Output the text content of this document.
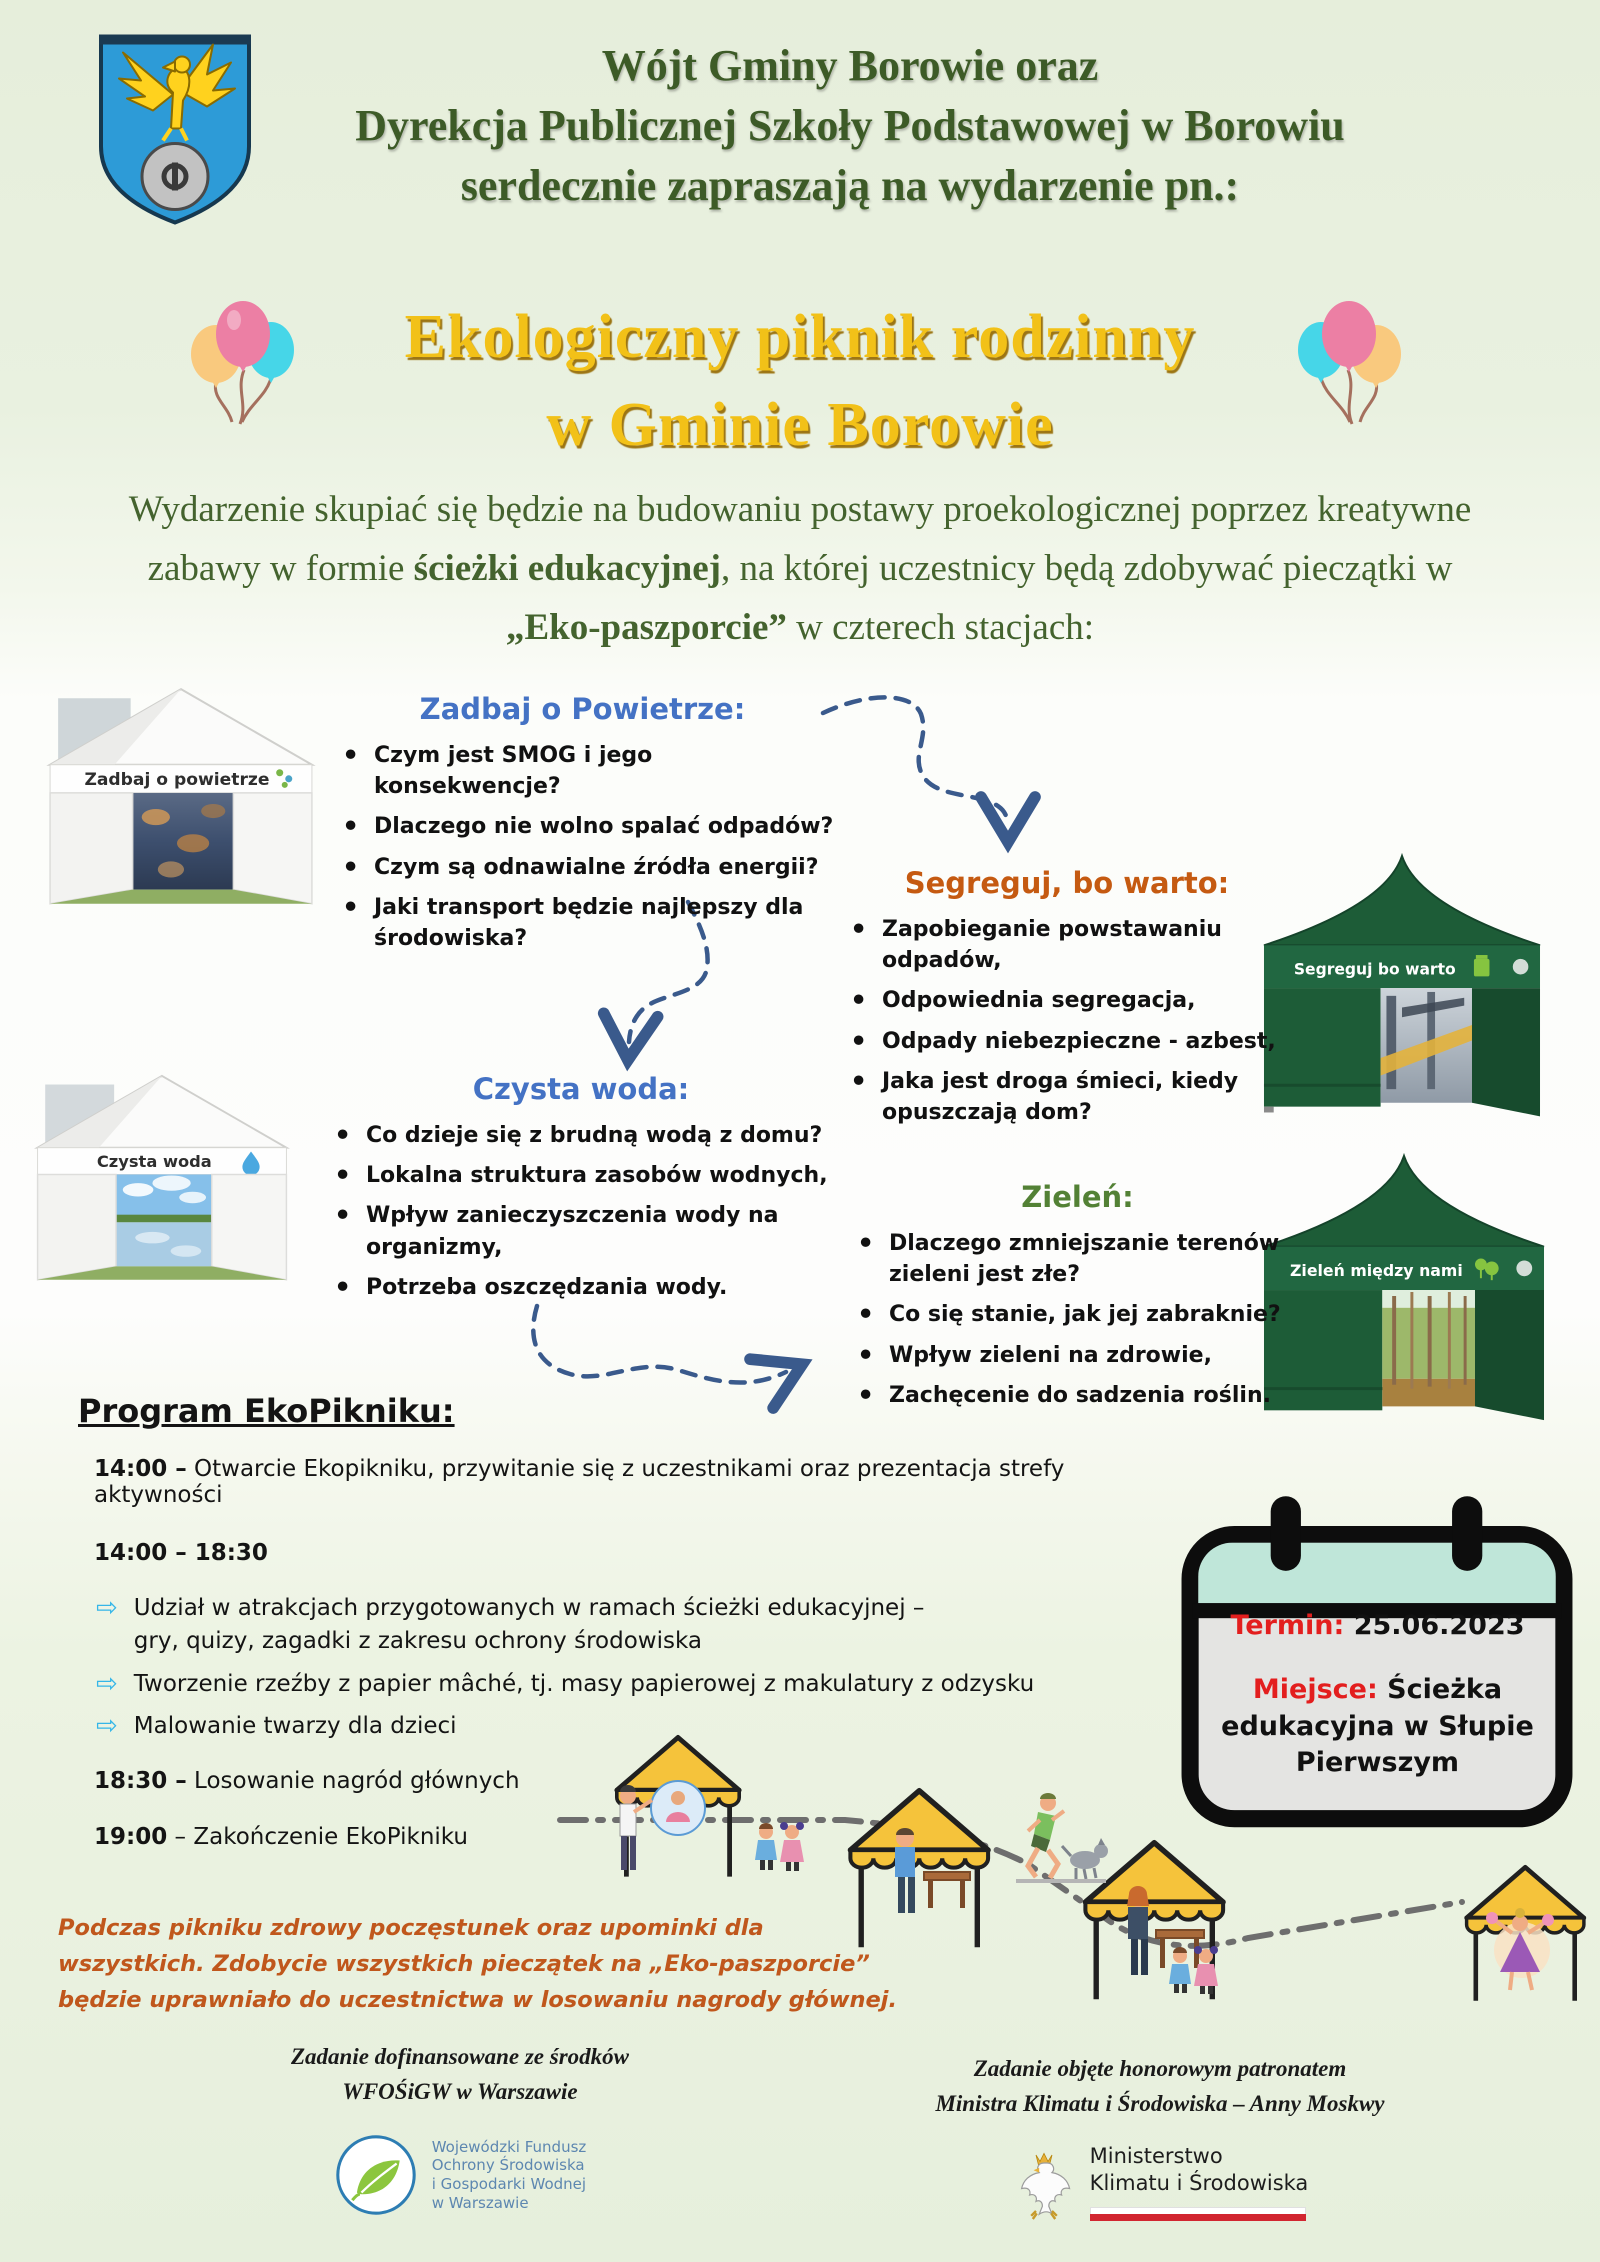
Wójt Gminy Borowie oraz
Dyrekcja Publicznej Szkoły Podstawowej w Borowiu
serdecznie zapraszają na wydarzenie pn.:
Ekologiczny piknik rodzinny
w Gminie Borowie

Wydarzenie skupiać się będzie na budowaniu postawy proekologicznej poprzez kreatywne zabawy w formie ścieżki edukacyjnej, na której uczestnicy będą zdobywać pieczątki w „Eko-paszporcie” w czterech stacjach:

Zadbaj o powietrze
Czysta woda
Segreguj bo warto
Zieleń między nami
Zadbaj o Powietrze:
• Czym jest SMOG i jego konsekwencje?
• Dlaczego nie wolno spalać odpadów?
• Czym są odnawialne źródła energii?
• Jaki transport będzie najlepszy dla środowiska?
Segreguj, bo warto:
• Zapobieganie powstawaniu odpadów,
• Odpowiednia segregacja,
• Odpady niebezpieczne - azbest,
• Jaka jest droga śmieci, kiedy opuszczają dom?
Czysta woda:
• Co dzieje się z brudną wodą z domu?
• Lokalna struktura zasobów wodnych,
• Wpływ zanieczyszczenia wody na organizmy,
• Potrzeba oszczędzania wody.
Zieleń:
• Dlaczego zmniejszanie terenów zieleni jest złe?
• Co się stanie, jak jej zabraknie?
• Wpływ zieleni na zdrowie,
• Zachęcenie do sadzenia roślin.
Program EkoPikniku:

14:00 – Otwarcie Ekopikniku, przywitanie się z uczestnikami oraz prezentacja strefy aktywności

14:00 – 18:30

⇨ Udział w atrakcjach przygotowanych w ramach ścieżki edukacyjnej –
gry, quizy, zagadki z zakresu ochrony środowiska
⇨ Tworzenie rzeźby z papier mâché, tj. masy papierowej z makulatury z odzysku
⇨ Malowanie twarzy dla dzieci

18:30 – Losowanie nagród głównych

19:00 – Zakończenie EkoPikniku

Termin: 25.06.2023
Miejsce: Ścieżka edukacyjna w Słupie Pierwszym
Podczas pikniku zdrowy poczęstunek oraz upominki dla
wszystkich. Zdobycie wszystkich pieczątek na „Eko-paszporcie”
będzie uprawniało do uczestnictwa w losowaniu nagrody głównej.
Zadanie dofinansowane ze środków
WFOŚiGW w Warszawie
Wojewódzki Fundusz
Ochrony Środowiska
i Gospodarki Wodnej
w Warszawie
Zadanie objęte honorowym patronatem
Ministra Klimatu i Środowiska – Anny Moskwy
Ministerstwo
Klimatu i Środowiska
